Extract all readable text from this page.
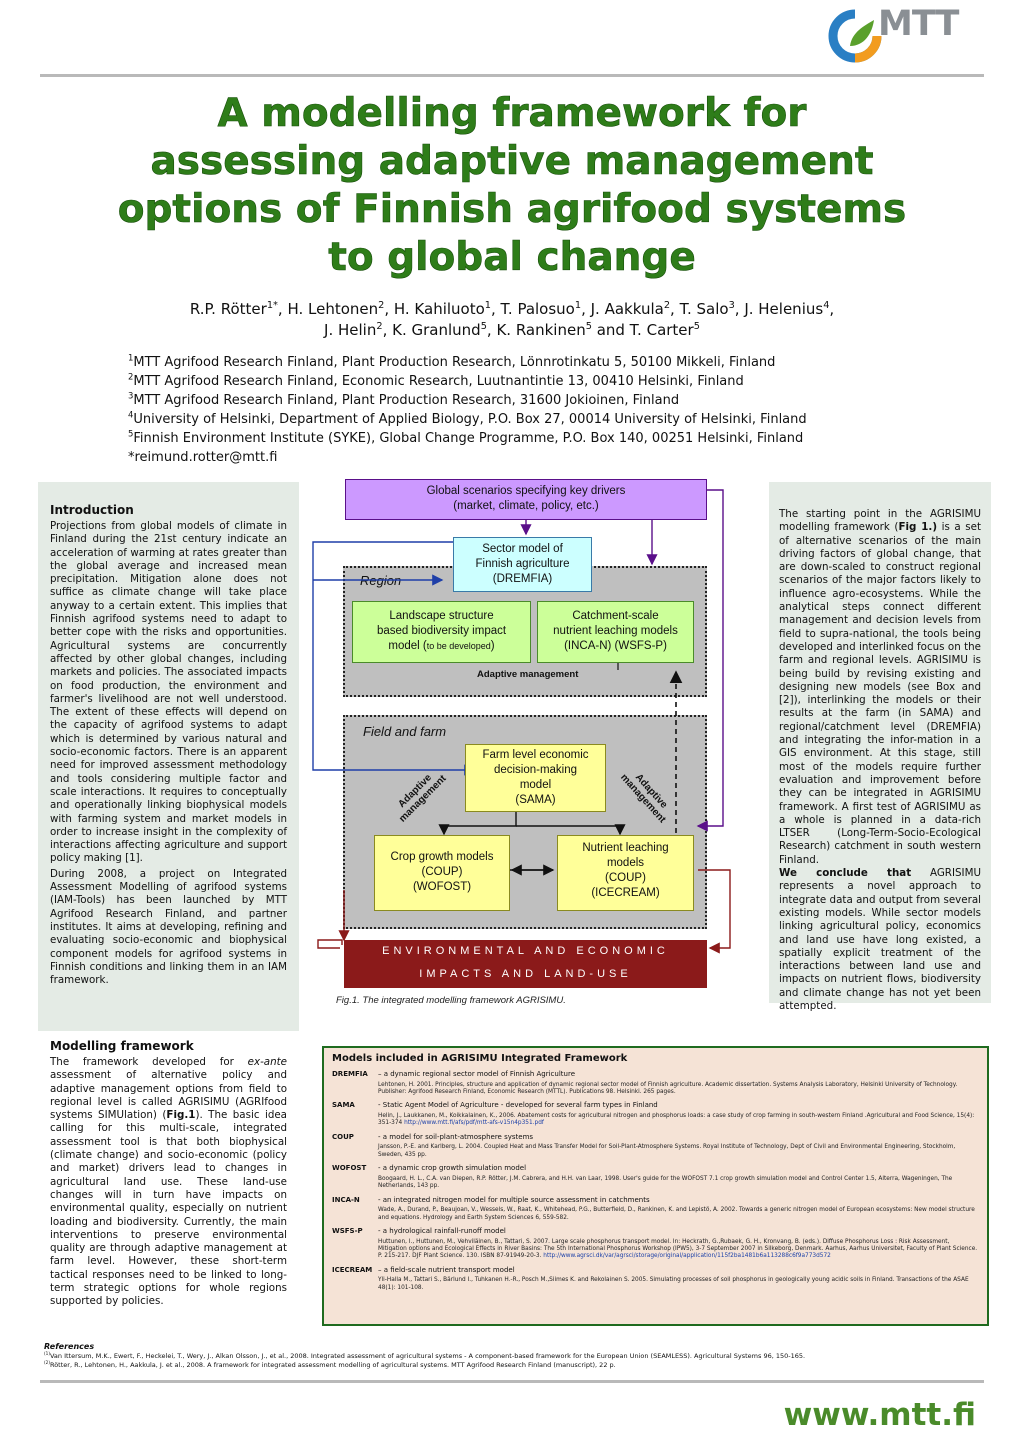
MTT
A modelling framework for
assessing adaptive management
options of Finnish agrifood systems
to global change
R.P. Rötter$^{1*}$, H. Lehtonen$^2$, H. Kahiluoto$^1$, T. Palosuo$^1$, J. Aakkula$^2$, T. Salo$^3$, J. Helenius$^4$,
J. Helin$^2$, K. Granlund$^5$, K. Rankinen$^5$ and T. Carter$^5$
$^1$MTT Agrifood Research Finland, Plant Production Research, Lönnrotinkatu 5, 50100 Mikkeli, Finland
$^2$MTT Agrifood Research Finland, Economic Research, Luutnantintie 13, 00410 Helsinki, Finland
$^3$MTT Agrifood Research Finland, Plant Production Research, 31600 Jokioinen, Finland
$^4$University of Helsinki, Department of Applied Biology, P.O. Box 27, 00014 University of Helsinki, Finland
$^5$Finnish Environment Institute (SYKE), Global Change Programme, P.O. Box 140, 00251 Helsinki, Finland
*reimund.rotter@mtt.fi
Introduction

Projections from global models of climate in Finland during the 21st century indicate an acceleration of warming at rates greater than the global average and increased mean precipitation. Mitigation alone does not suffice as climate change will take place anyway to a certain extent. This implies that Finnish agrifood systems need to adapt to better cope with the risks and opportunities. Agricultural systems are concurrently affected by other global changes, including markets and policies. The associated impacts on food production, the environment and farmer's livelihood are not well understood. The extent of these effects will depend on the capacity of agrifood systems to adapt which is determined by various natural and socio-economic factors. There is an apparent need for improved assessment methodology and tools considering multiple factor and scale interactions. It requires to conceptually and operationally linking biophysical models with farming system and market models in order to increase insight in the complexity of interactions affecting agriculture and support policy making [1].

During 2008, a project on Integrated Assessment Modelling of agrifood systems (IAM-Tools) has been launched by MTT Agrifood Research Finland, and partner institutes. It aims at developing, refining and evaluating socio-economic and biophysical component models for agrifood systems in Finnish conditions and linking them in an IAM framework.

Modelling framework
The framework developed for ex-ante assessment of alternative policy and adaptive management options from field to regional level is called AGRISIMU (AGRIfood systems SIMUlation) (Fig.1). The basic idea calling for this multi-scale, integrated assessment tool is that both biophysical (climate change) and socio-economic (policy and market) drivers lead to changes in agricultural land use. These land-use changes will in turn have impacts on environmental quality, especially on nutrient loading and biodiversity. Currently, the main interventions to preserve environmental quality are through adaptive management at farm level. However, these short-term tactical responses need to be linked to long-term strategic options for whole regions supported by policies.

The starting point in the AGRISIMU modelling framework (Fig 1.) is a set of alternative scenarios of the main driving factors of global change, that are down-scaled to construct regional scenarios of the major factors likely to influence agro-ecosystems. While the analytical steps connect different management and decision levels from field to supra-national, the tools being developed and interlinked focus on the farm and regional levels. AGRISIMU is being build by revising existing and designing new models (see Box and [2]), interlinking the models or their results at the farm (in SAMA) and regional/catchment level (DREMFIA) and integrating the infor-mation in a GIS environment. At this stage, still most of the models require further evaluation and improvement before they can be integrated in AGRISIMU framework. A first test of AGRISIMU as a whole is planned in a data-rich LTSER (Long-Term-Socio-Ecological Research) catchment in south western Finland.

We conclude that AGRISIMU represents a novel approach to integrate data and output from several existing models. While sector models linking agricultural policy, economics and land use have long existed, a spatially explicit treatment of the interactions between land use and impacts on nutrient flows, biodiversity and climate change has not yet been attempted.

Region
Field and farm
Global scenarios specifying key drivers
(market, climate, policy, etc.)
Sector model of
Finnish agriculture
(DREMFIA)
Landscape structure
based biodiversity impact
model (to be developed)
Catchment-scale
nutrient leaching models
(INCA-N) (WSFS-P)
Adaptive management
Farm level economic
decision-making
model
(SAMA)
Adaptive management	Adaptive management
Crop growth models
(COUP)
(WOFOST)
Nutrient leaching
models
(COUP)
(ICECREAM)
ENVIRONMENTAL AND ECONOMIC
IMPACTS AND LAND-USE
Fig.1. The integrated modelling framework AGRISIMU.
Models included in AGRISIMU Integrated Framework
DREMFIA	– a dynamic regional sector model of Finnish Agriculture
Lehtonen, H. 2001. Principles, structure and application of dynamic regional sector model of Finnish agriculture. Academic dissertation. Systems Analysis Laboratory, Helsinki University of Technology. Publisher: Agrifood Research Finland, Economic Research (MTTL). Publications 98. Helsinki. 265 pages.
SAMA	- Static Agent Model of Agriculture - developed for several farm types in Finland
Helin, J., Laukkanen, M., Koikkalainen, K., 2006. Abatement costs for agricultural nitrogen and phosphorus loads: a case study of crop farming in south-western Finland .Agricultural and Food Science, 15(4): 351-374 http://www.mtt.fi/afs/pdf/mtt-afs-v15n4p351.pdf
COUP	- a model for soil-plant-atmosphere systems
Jansson, P.-E. and Karlberg, L. 2004. Coupled Heat and Mass Transfer Model for Soil-Plant-Atmosphere Systems. Royal Institute of Technology, Dept of Civil and Environmental Engineering, Stockholm, Sweden, 435 pp.
WOFOST	- a dynamic crop growth simulation model
Boogaard, H. L., C.A. van Diepen, R.P. Rötter, J.M. Cabrera, and H.H. van Laar, 1998. User's guide for the WOFOST 7.1 crop growth simulation model and Control Center 1.5, Alterra, Wageningen, The Netherlands, 143 pp.
INCA-N	- an integrated nitrogen model for multiple source assessment in catchments
Wade, A., Durand, P., Beaujoan, V., Wessels, W., Raat, K., Whitehead, P.G., Butterfield, D., Rankinen, K. and Lepistö, A. 2002. Towards a generic nitrogen model of European ecosystems: New model structure and equations. Hydrology and Earth System Sciences 6, 559-582.
WSFS-P	- a hydrological rainfall-runoff model
Huttunen, I., Huttunen, M., Vehviläinen, B., Tattari, S. 2007. Large scale phosphorus transport model. In: Heckrath, G.,Rubaek, G. H., Kronvang, B. (eds.). Diffuse Phosphorus Loss : Risk Assessment, Mitigation options and Ecological Effects in River Basins: The 5th International Phosphorus Workshop (IPW5), 3-7 September 2007 in Silkeborg, Denmark. Aarhus, Aarhus Universitet, Faculty of Plant Science. P. 215-217. DJF Plant Science. 130. ISBN 87-91949-20-3. http://www.agrsci.dk/var/agrsci/storage/original/application/115f2ba1481b6a113288c6f9a773d572
ICECREAM – a field-scale nutrient transport model
Yli-Halla M., Tattari S., Bärlund I., Tuhkanen H.-R., Posch M.,Siimes K. and Rekolainen S. 2005. Simulating processes of soil phosphorus in geologically young acidic soils in Finland. Transactions of the ASAE 48(1): 101-108.
References
$^{(1)}$Van Ittersum, M.K., Ewert, F., Heckelei, T., Wery, J., Alkan Olsson, J., et al., 2008. Integrated assessment of agricultural systems - A component-based framework for the European Union (SEAMLESS). Agricultural Systems 96, 150-165.
$^{(2)}$Rötter, R., Lehtonen, H., Aakkula, J. et al., 2008. A framework for integrated assessment modelling of agricultural systems. MTT Agrifood Research Finland (manuscript), 22 p.
www.mtt.fi
